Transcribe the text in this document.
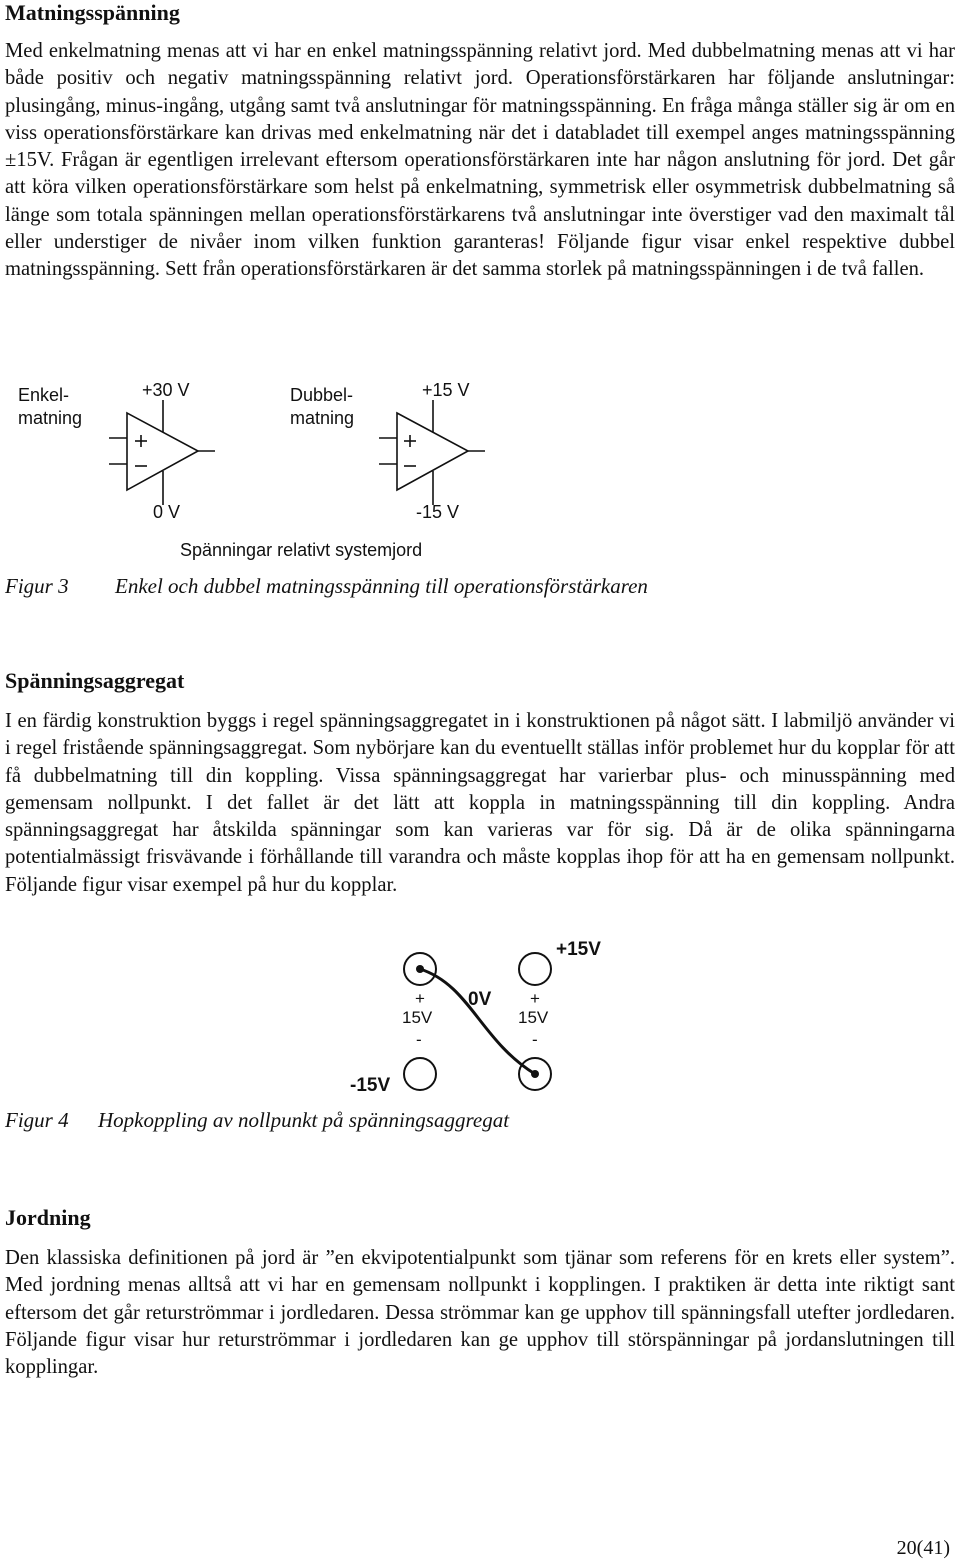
Matningsspänning

Med enkelmatning menas att vi har en enkel matningsspänning relativt jord. Med dubbelmatning menas att vi har både positiv och negativ matningsspänning relativt jord. Operationsförstärkaren har följande anslutningar: plusingång, minus-ingång, utgång samt två anslutningar för matningsspänning. En fråga många ställer sig är om en viss operationsförstärkare kan drivas med enkelmatning när det i databladet till exempel anges matningsspänning ±15V. Frågan är egentligen irrelevant eftersom operationsförstärkaren inte har någon anslutning för jord. Det går att köra vilken operationsförstärkare som helst på enkelmatning, symmetrisk eller osymmetrisk dubbelmatning så länge som totala spänningen mellan operationsförstärkarens två anslutningar inte överstiger vad den maximalt tål eller understiger de nivåer inom vilken funktion garanteras! Följande figur visar enkel respektive dubbel matningsspänning. Sett från operationsförstärkaren är det samma storlek på matningsspänningen i de två fallen.

Enkel-
matning
+30 V
0 V
Dubbel-
matning
+15 V
-15 V
Spänningar relativt systemjord
Figur 3 Enkel och dubbel matningsspänning till operationsförstärkaren
Spänningsaggregat

I en färdig konstruktion byggs i regel spänningsaggregatet in i konstruktionen på något sätt. I labmiljö använder vi i regel fristående spänningsaggregat. Som nybörjare kan du eventuellt ställas inför problemet hur du kopplar för att få dubbelmatning till din koppling. Vissa spänningsaggregat har varierbar plus- och minusspänning med gemensam nollpunkt. I det fallet är det lätt att koppla in matningsspänning till din koppling. Andra spänningsaggregat har åtskilda spänningar som kan varieras var för sig. Då är de olika spänningarna potentialmässigt frisvävande i förhållande till varandra och måste kopplas ihop för att ha en gemensam nollpunkt. Följande figur visar exempel på hur du kopplar.

+15V
0V
-15V
+
15V
-
+
15V
-
Figur 4 Hopkoppling av nollpunkt på spänningsaggregat
Jordning

Den klassiska definitionen på jord är ”en ekvipotentialpunkt som tjänar som referens för en krets eller system”. Med jordning menas alltså att vi har en gemensam nollpunkt i kopplingen. I praktiken är detta inte riktigt sant eftersom det går returströmmar i jordledaren. Dessa strömmar kan ge upphov till spänningsfall utefter jordledaren. Följande figur visar hur returströmmar i jordledaren kan ge upphov till störspänningar på jordanslutningen till kopplingar.

20(41)
